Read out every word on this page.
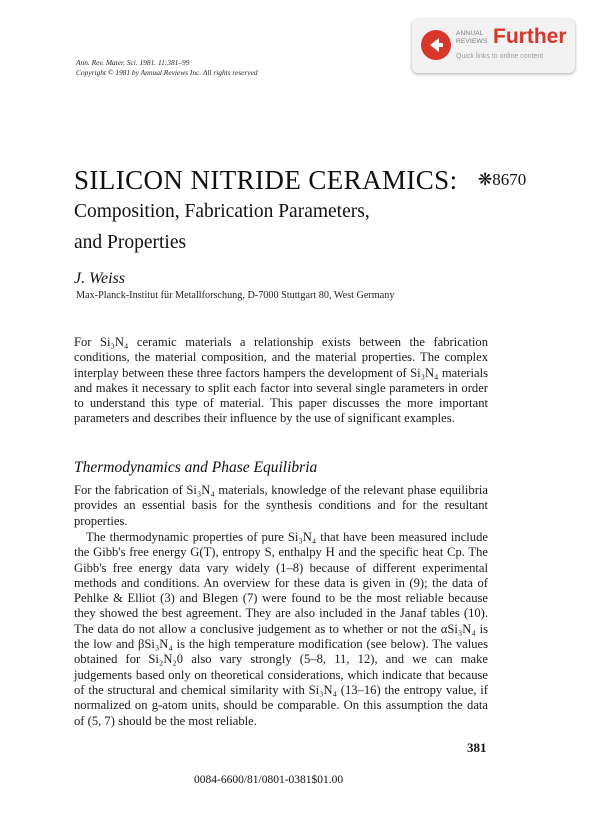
Ann. Rev. Mater. Sci. 1981. 11:381–99
Copyright © 1981 by Annual Reviews Inc. All rights reserved
ANNUAL
REVIEWS Further
Quick links to online content
SILICON NITRIDE CERAMICS: ❋8670
Composition, Fabrication Parameters,
and Properties
J. Weiss
Max-Planck-Institut für Metallforschung, D-7000 Stuttgart 80, West Germany
For Si₃N₄ ceramic materials a relationship exists between the fabrication conditions, the material composition, and the material properties. The complex interplay between these three factors hampers the development of Si₃N₄ materials and makes it necessary to split each factor into several single parameters in order to understand this type of material. This paper discusses the more important parameters and describes their influence by the use of significant examples.
Thermodynamics and Phase Equilibria
For the fabrication of Si₃N₄ materials, knowledge of the relevant phase equilibria provides an essential basis for the synthesis conditions and for the resultant properties.
The thermodynamic properties of pure Si₃N₄ that have been measured include the Gibb's free energy G(T), entropy S, enthalpy H and the specific heat Cp. The Gibb's free energy data vary widely (1–8) because of different experimental methods and conditions. An overview for these data is given in (9); the data of Pehlke & Elliot (3) and Blegen (7) were found to be the most reliable because they showed the best agreement. They are also included in the Janaf tables (10). The data do not allow a conclusive judgement as to whether or not the αSi₃N₄ is the low and βSi₃N₄ is the high temperature modification (see below). The values obtained for Si₂N₂0 also vary strongly (5–8, 11, 12), and we can make judgements based only on theoretical considerations, which indicate that because of the structural and chemical similarity with Si₃N₄ (13–16) the entropy value, if normalized on g-atom units, should be comparable. On this assumption the data of (5, 7) should be the most reliable.
381
0084-6600/81/0801-0381$01.00
